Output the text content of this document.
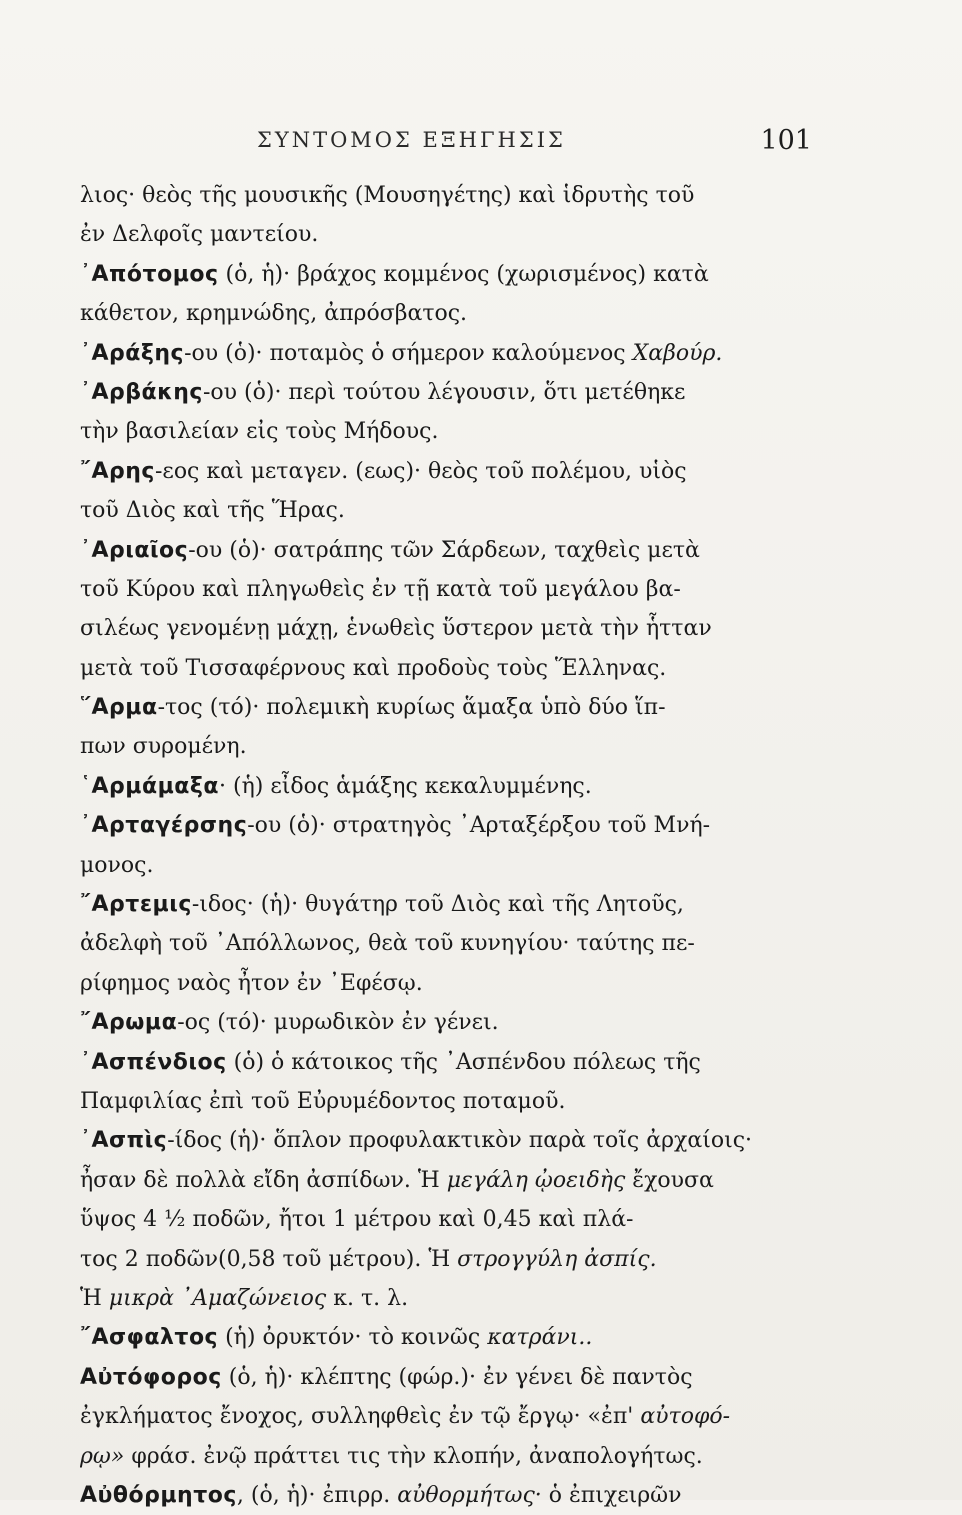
ΣΥΝΤΟΜΟΣ ΕΞΗΓΗΣΙΣ	101
λιος· θεὸς τῆς μουσικῆς (Μουσηγέτης) καὶ ἱδρυτὴς τοῦ
ἐν Δελφοῖς μαντείου.
᾿Απότομος (ὁ, ἡ)· βράχος κομμένος (χωρισμένος) κατὰ
κάθετον, κρημνώδης, ἀπρόσβατος.
᾿Αράξης-ου (ὁ)· ποταμὸς ὁ σήμερον καλούμενος Χαβούρ.
᾿Αρβάκης-ου (ὁ)· περὶ τούτου λέγουσιν, ὅτι μετέθηκε
τὴν βασιλείαν εἰς τοὺς Μήδους.
῎Αρης-εος καὶ μεταγεν. (εως)· θεὸς τοῦ πολέμου, υἱὸς
τοῦ Διὸς καὶ τῆς Ἥρας.
᾿Αριαῖος-ου (ὁ)· σατράπης τῶν Σάρδεων, ταχθεὶς μετὰ
τοῦ Κύρου καὶ πληγωθεὶς ἐν τῇ κατὰ τοῦ μεγάλου βα-
σιλέως γενομένῃ μάχῃ, ἑνωθεὶς ὕστερον μετὰ τὴν ἧτταν
μετὰ τοῦ Τισσαφέρνους καὶ προδοὺς τοὺς Ἕλληνας.
῞Αρμα-τος (τό)· πολεμικὴ κυρίως ἅμαξα ὑπὸ δύο ἵπ-
πων συρομένη.
῾Αρμάμαξα· (ἡ) εἶδος ἁμάξης κεκαλυμμένης.
᾿Αρταγέρσης-ου (ὁ)· στρατηγὸς ᾿Αρταξέρξου τοῦ Μνή-
μονος.
῎Αρτεμις-ιδος· (ἡ)· θυγάτηρ τοῦ Διὸς καὶ τῆς Λητοῦς,
ἀδελφὴ τοῦ ᾿Απόλλωνος, θεὰ τοῦ κυνηγίου· ταύτης πε-
ρίφημος ναὸς ἦτον ἐν ᾿Εφέσῳ.
῎Αρωμα-ος (τό)· μυρωδικὸν ἐν γένει.
᾿Ασπένδιος (ὁ) ὁ κάτοικος τῆς ᾿Ασπένδου πόλεως τῆς
Παμφιλίας ἐπὶ τοῦ Εὐρυμέδοντος ποταμοῦ.
᾿Ασπὶς-ίδος (ἡ)· ὅπλον προφυλακτικὸν παρὰ τοῖς ἀρχαίοις·
ἦσαν δὲ πολλὰ εἴδη ἀσπίδων. Ἡ μεγάλη ᾠοειδὴς ἔχουσα
ὕψος 4 ½ ποδῶν, ἤτοι 1 μέτρου καὶ 0,45 καὶ πλά-
τος 2 ποδῶν(0,58 τοῦ μέτρου). Ἡ στρογγύλη ἀσπίς.
Ἡ μικρὰ ᾿Αμαζώνειος κ. τ. λ.
῎Ασφαλτος (ἡ) ὀρυκτόν· τὸ κοινῶς κατράνι..
Αὐτόφορος (ὁ, ἡ)· κλέπτης (φώρ.)· ἐν γένει δὲ παντὸς
ἐγκλήματος ἔνοχος, συλληφθεὶς ἐν τῷ ἔργῳ· «ἐπ' αὐτοφό-
ρῳ» φράσ. ἐνῷ πράττει τις τὴν κλοπήν, ἀναπολογήτως.
Αὐθόρμητος, (ὁ, ἡ)· ἐπιρρ. αὐθορμήτως· ὁ ἐπιχειρῶν
